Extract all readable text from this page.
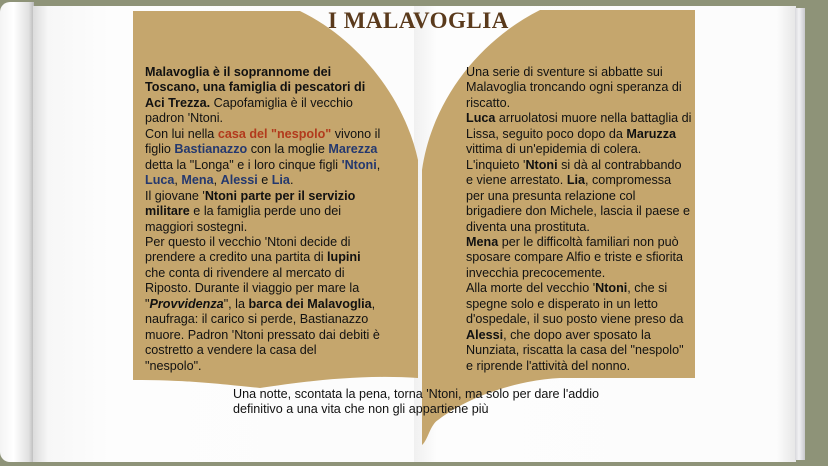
I MALAVOGLIA
Malavoglia è il soprannome dei
Toscano, una famiglia di pescatori di
Aci Trezza. Capofamiglia è il vecchio
padron 'Ntoni.
Con lui nella casa del "nespolo" vivono il
figlio Bastianazzo con la moglie Marezza
detta la "Longa" e i loro cinque figli 'Ntoni,
Luca, Mena, Alessi e Lia.
Il giovane 'Ntoni parte per il servizio
militare e la famiglia perde uno dei
maggiori sostegni.
Per questo il vecchio 'Ntoni decide di
prendere a credito una partita di lupini
che conta di rivendere al mercato di
Riposto. Durante il viaggio per mare la
"Provvidenza", la barca dei Malavoglia,
naufraga: il carico si perde, Bastianazzo
muore. Padron 'Ntoni pressato dai debiti è
costretto a vendere la casa del
"nespolo".
Una serie di sventure si abbatte sui
Malavoglia troncando ogni speranza di
riscatto.
Luca arruolatosi muore nella battaglia di
Lissa, seguito poco dopo da Maruzza
vittima di un'epidemia di colera.
L'inquieto 'Ntoni si dà al contrabbando
e viene arrestato. Lia, compromessa
per una presunta relazione col
brigadiere don Michele, lascia il paese e
diventa una prostituta.
Mena per le difficoltà familiari non può
sposare compare Alfio e triste e sfiorita
invecchia precocemente.
Alla morte del vecchio 'Ntoni, che si
spegne solo e disperato in un letto
d'ospedale, il suo posto viene preso da
Alessi, che dopo aver sposato la
Nunziata, riscatta la casa del "nespolo"
e riprende l'attività del nonno.
Una notte, scontata la pena, torna 'Ntoni, ma solo per dare l'addio
definitivo a una vita che non gli appartiene più
